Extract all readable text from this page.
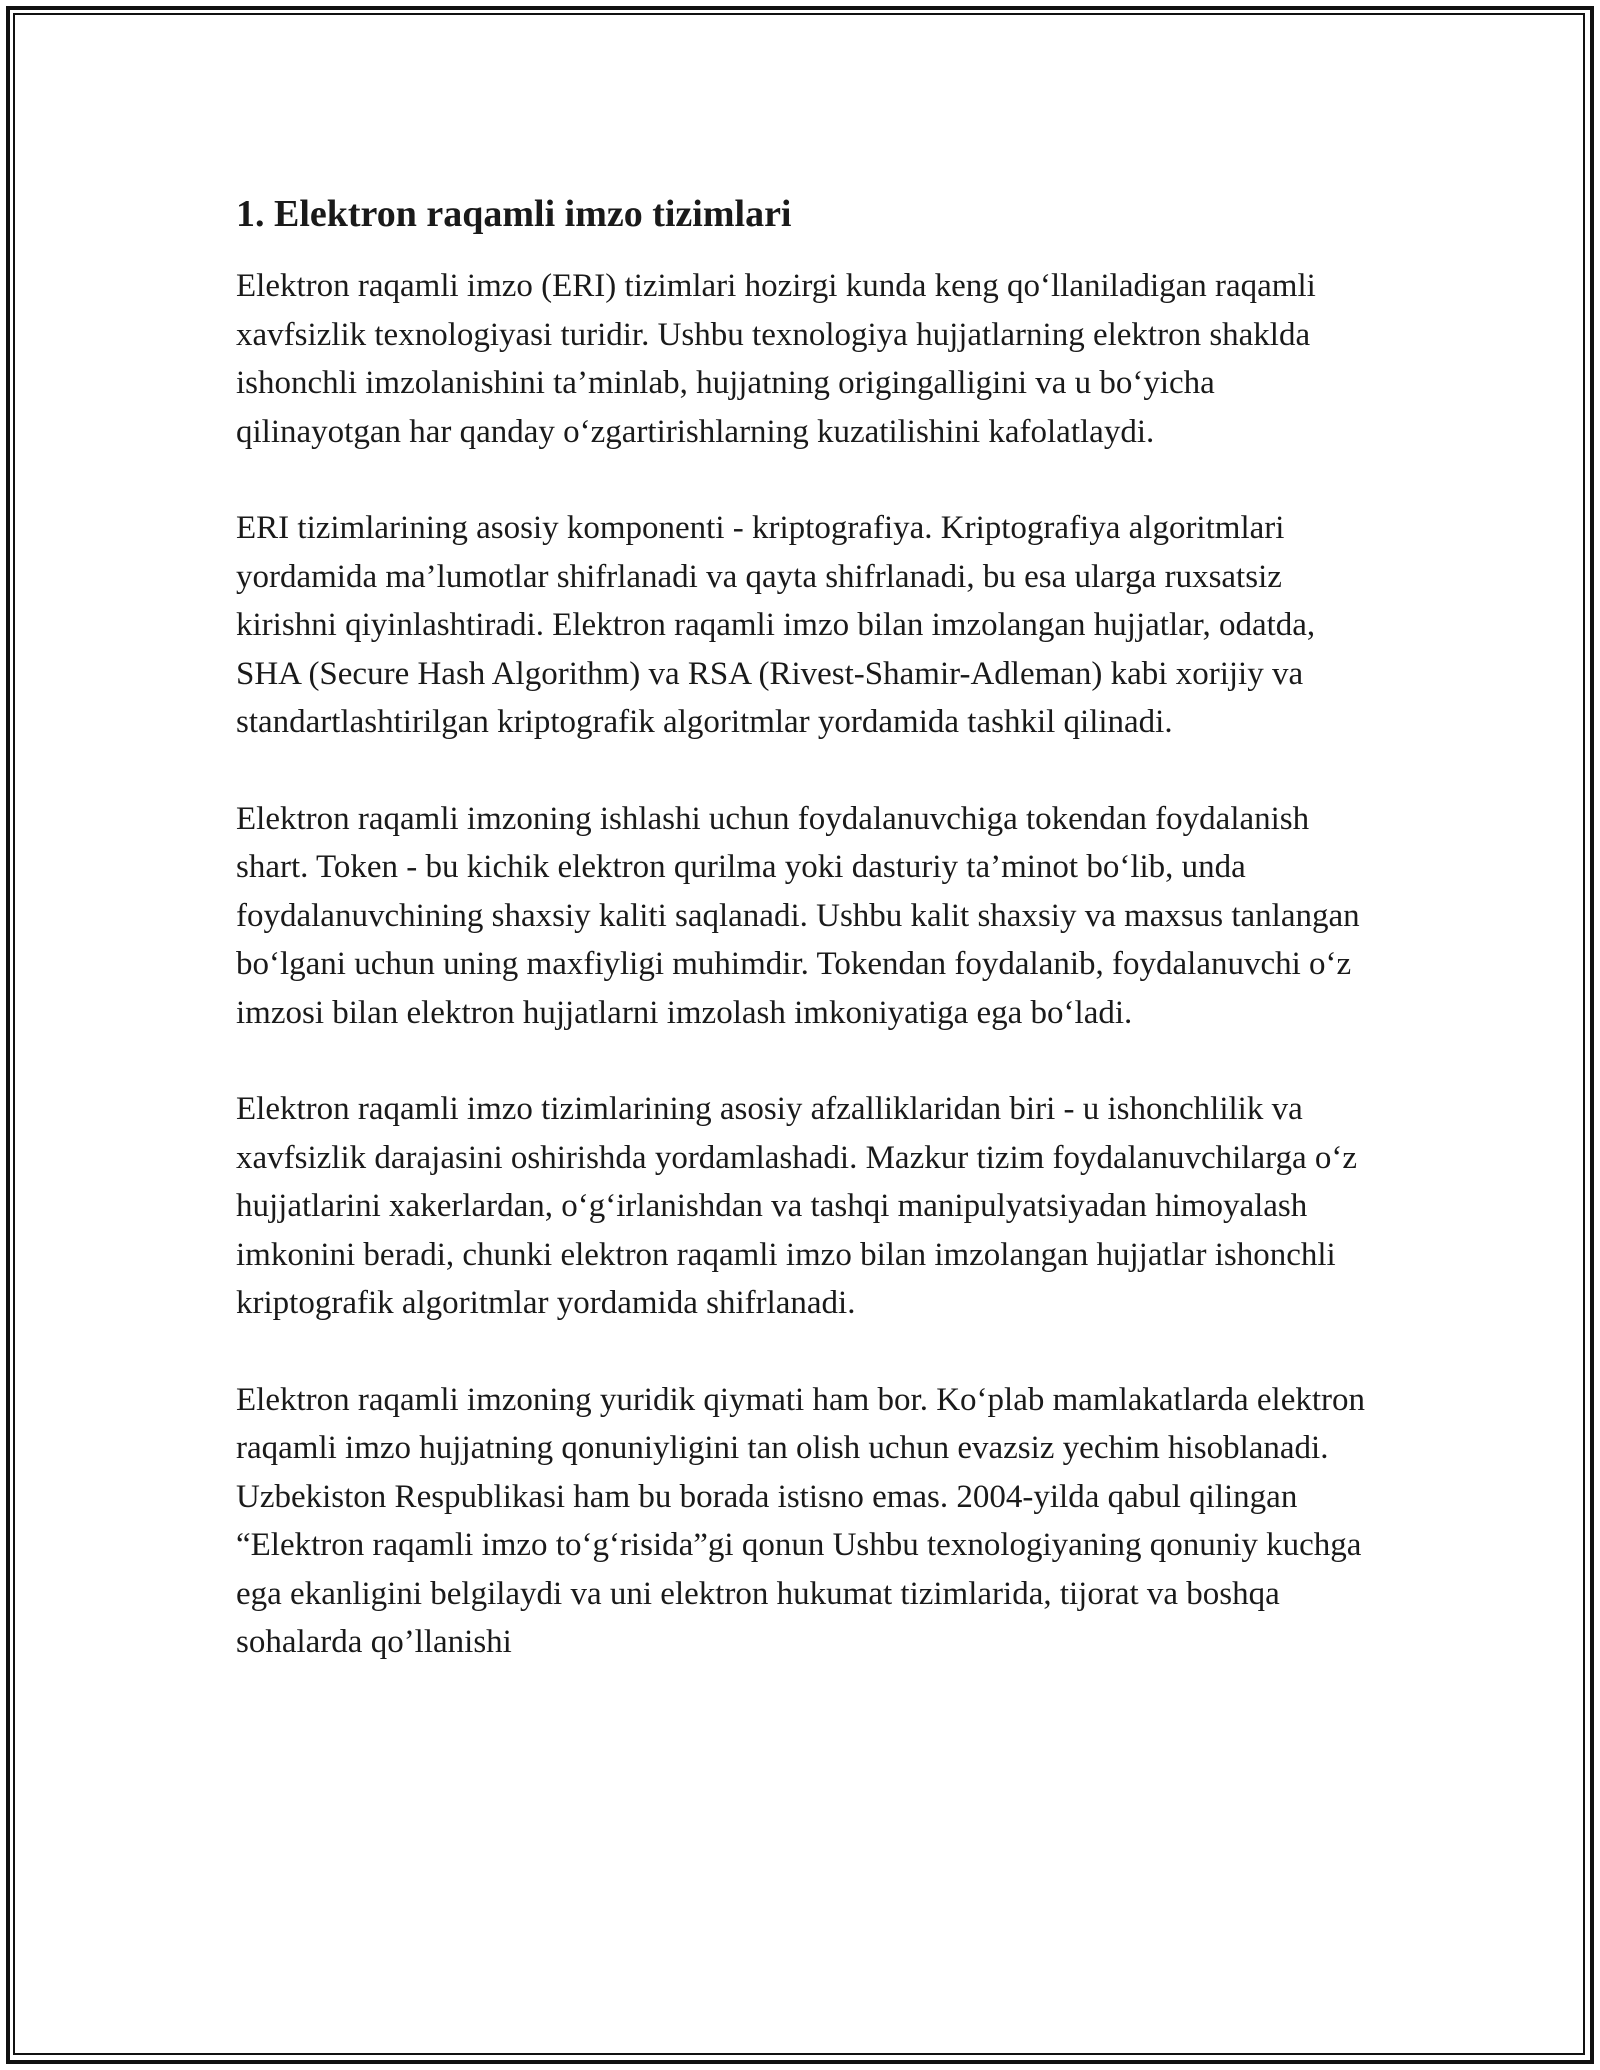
1. Elektron raqamli imzo tizimlari

Elektron raqamli imzo (ERI) tizimlari hozirgi kunda keng qo‘llaniladigan raqamli xavfsizlik texnologiyasi turidir. Ushbu texnologiya hujjatlarning elektron shaklda ishonchli imzolanishini ta’minlab, hujjatning origingalligini va u bo‘yicha qilinayotgan har qanday o‘zgartirishlarning kuzatilishini kafolatlaydi.

ERI tizimlarining asosiy komponenti - kriptografiya. Kriptografiya algoritmlari yordamida ma’lumotlar shifrlanadi va qayta shifrlanadi, bu esa ularga ruxsatsiz kirishni qiyinlashtiradi. Elektron raqamli imzo bilan imzolangan hujjatlar, odatda, SHA (Secure Hash Algorithm) va RSA (Rivest-Shamir-Adleman) kabi xorijiy va standartlashtirilgan kriptografik algoritmlar yordamida tashkil qilinadi.

Elektron raqamli imzoning ishlashi uchun foydalanuvchiga tokendan foydalanish shart. Token - bu kichik elektron qurilma yoki dasturiy ta’minot bo‘lib, unda foydalanuvchining shaxsiy kaliti saqlanadi. Ushbu kalit shaxsiy va maxsus tanlangan bo‘lgani uchun uning maxfiyligi muhimdir. Tokendan foydalanib, foydalanuvchi o‘z imzosi bilan elektron hujjatlarni imzolash imkoniyatiga ega bo‘ladi.

Elektron raqamli imzo tizimlarining asosiy afzalliklaridan biri - u ishonchlilik va xavfsizlik darajasini oshirishda yordamlashadi. Mazkur tizim foydalanuvchilarga o‘z hujjatlarini xakerlardan, o‘g‘irlanishdan va tashqi manipulyatsiyadan himoyalash imkonini beradi, chunki elektron raqamli imzo bilan imzolangan hujjatlar ishonchli kriptografik algoritmlar yordamida shifrlanadi.

Elektron raqamli imzoning yuridik qiymati ham bor. Ko‘plab mamlakatlarda elektron raqamli imzo hujjatning qonuniyligini tan olish uchun evazsiz yechim hisoblanadi. Uzbekiston Respublikasi ham bu borada istisno emas. 2004-yilda qabul qilingan “Elektron raqamli imzo to‘g‘risida”gi qonun Ushbu texnologiyaning qonuniy kuchga ega ekanligini belgilaydi va uni elektron hukumat tizimlarida, tijorat va boshqa sohalarda qo’llanishi
